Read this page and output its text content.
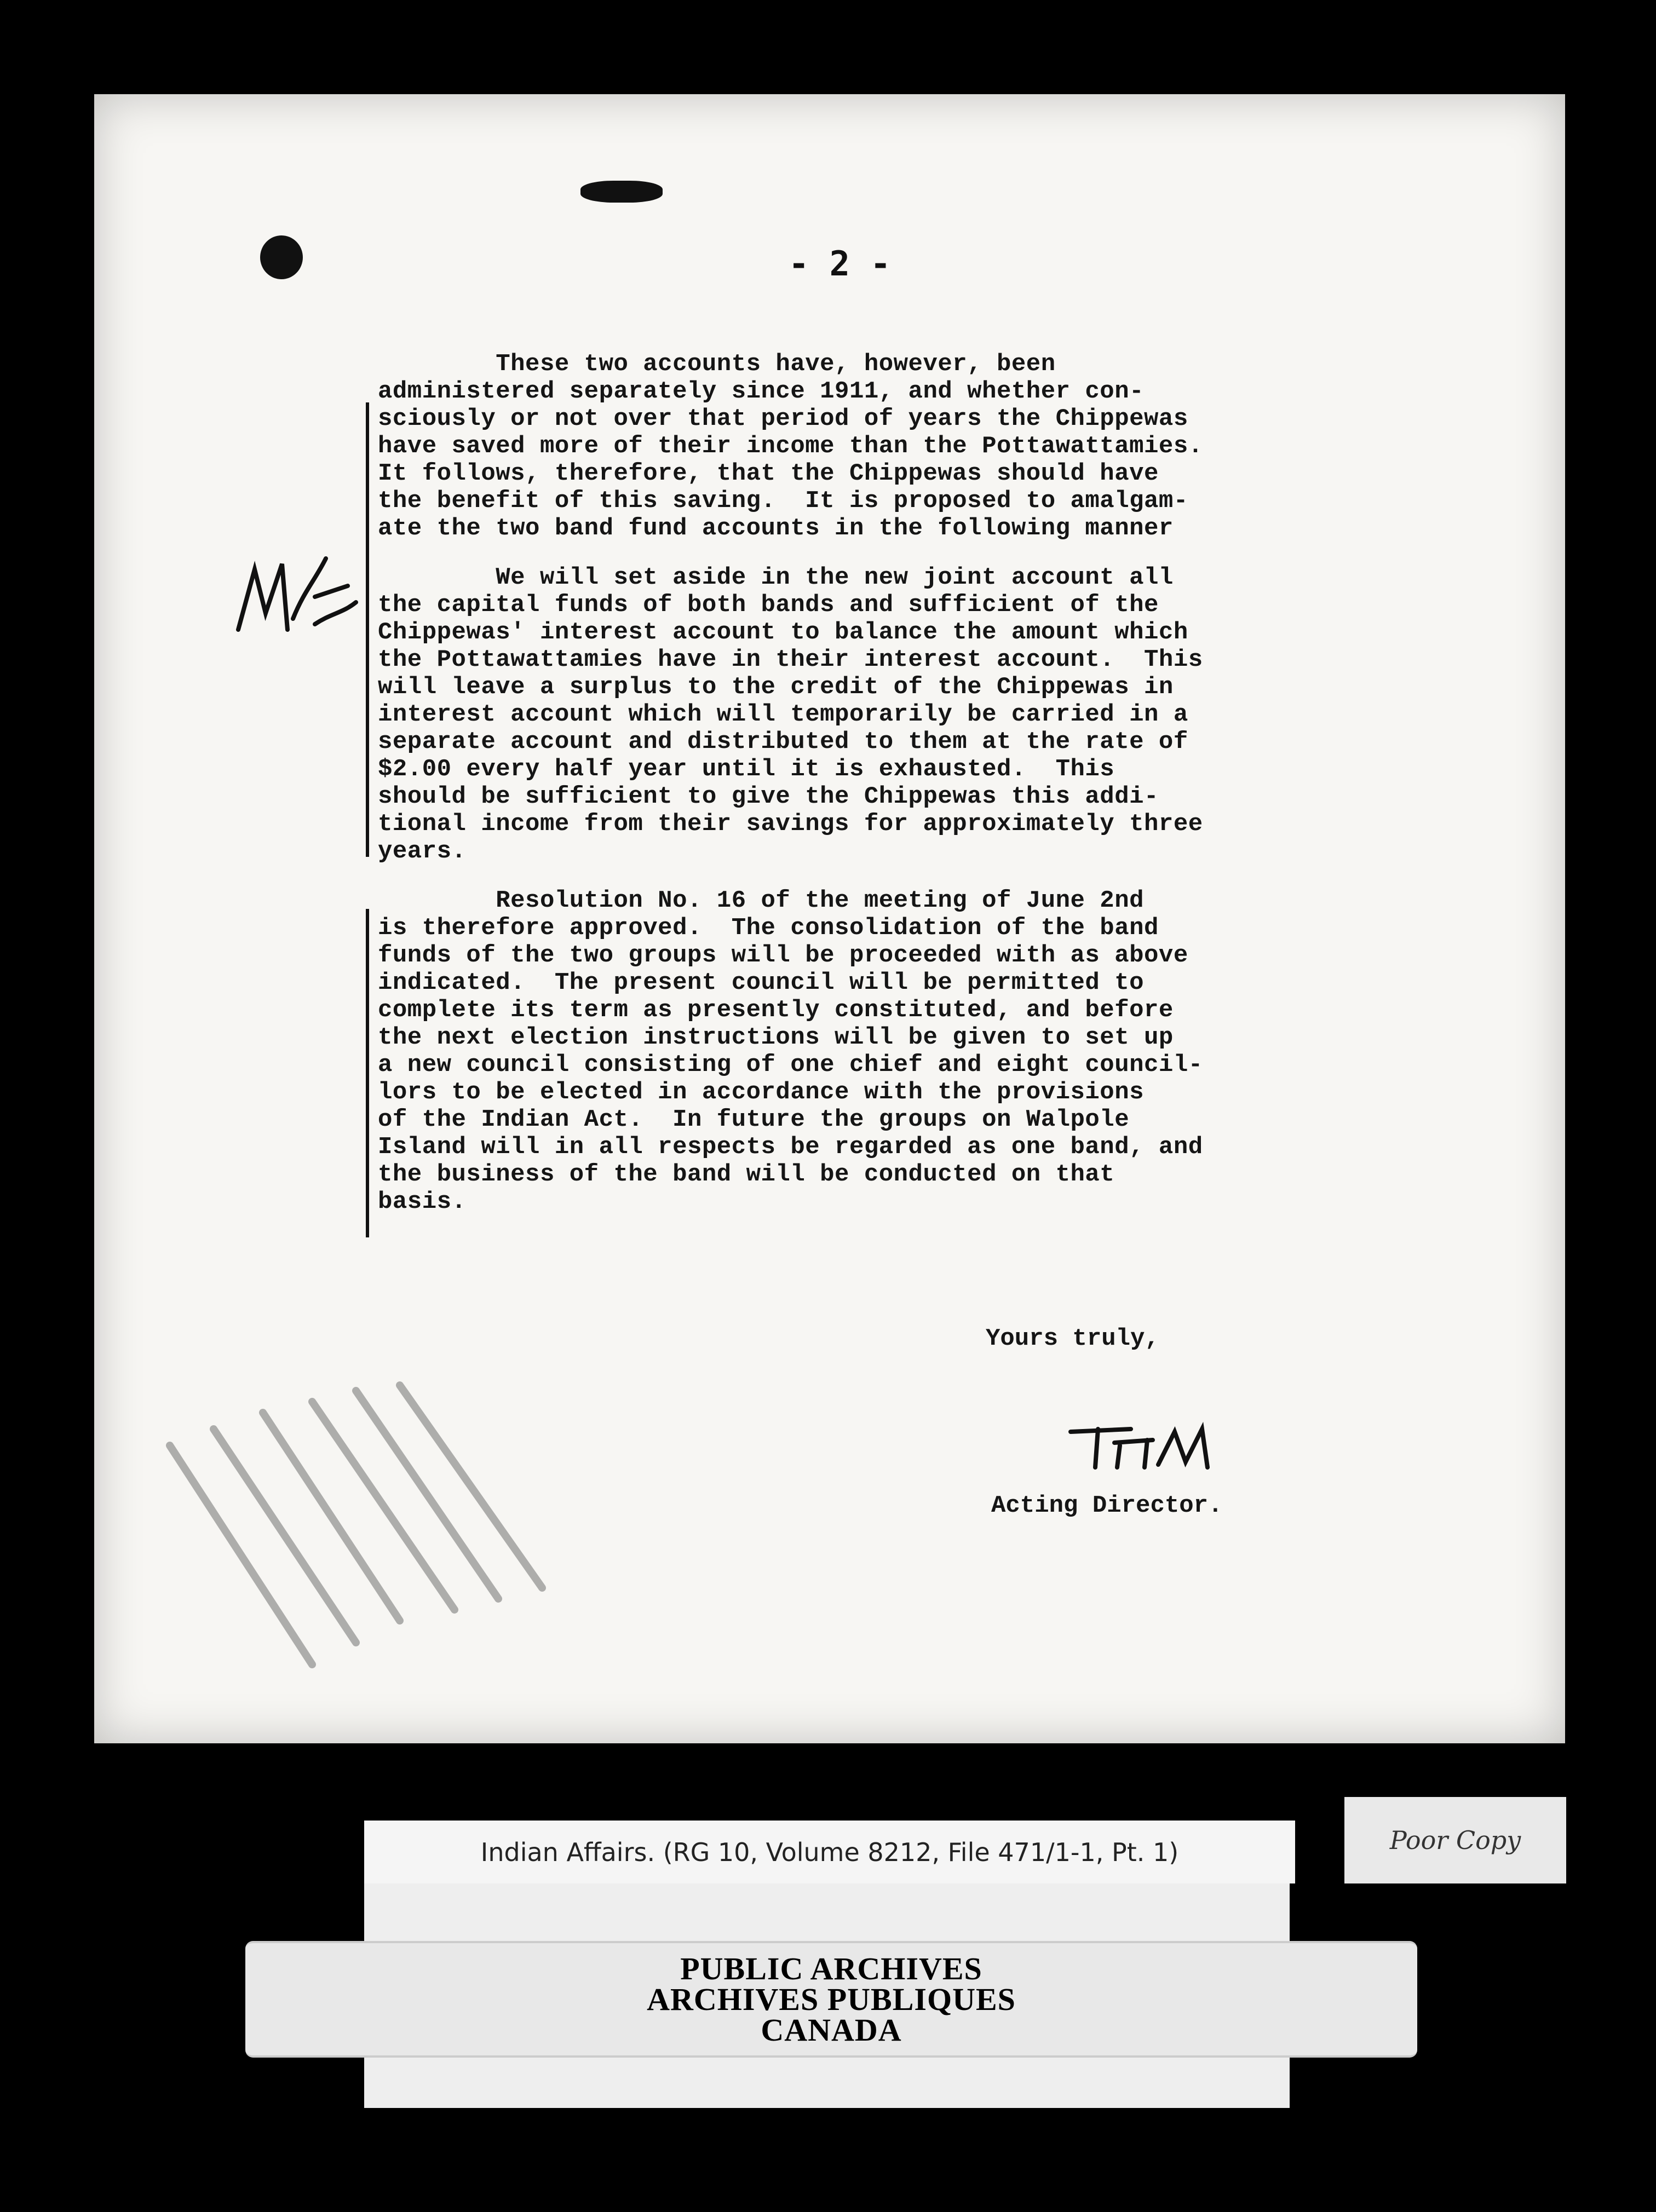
- 2 -

These two accounts have, however, been

administered separately since 1911, and whether con-

sciously or not over that period of years the Chippewas

have saved more of their income than the Pottawattamies.

It follows, therefore, that the Chippewas should have

the benefit of this saving.  It is proposed to amalgam-

ate the two band fund accounts in the following manner

We will set aside in the new joint account all

the capital funds of both bands and sufficient of the

Chippewas' interest account to balance the amount which

the Pottawattamies have in their interest account.  This

will leave a surplus to the credit of the Chippewas in

interest account which will temporarily be carried in a

separate account and distributed to them at the rate of

$2.00 every half year until it is exhausted.  This

should be sufficient to give the Chippewas this addi-

tional income from their savings for approximately three

years.

Resolution No. 16 of the meeting of June 2nd

is therefore approved.  The consolidation of the band

funds of the two groups will be proceeded with as above

indicated.  The present council will be permitted to

complete its term as presently constituted, and before

the next election instructions will be given to set up

a new council consisting of one chief and eight council-

lors to be elected in accordance with the provisions

of the Indian Act.  In future the groups on Walpole

Island will in all respects be regarded as one band, and

the business of the band will be conducted on that

basis.

Yours truly,
Acting Director.
Indian Affairs. (RG 10, Volume 8212, File 471/1-1, Pt. 1)	Poor Copy
PUBLIC ARCHIVES
ARCHIVES PUBLIQUES
CANADA
